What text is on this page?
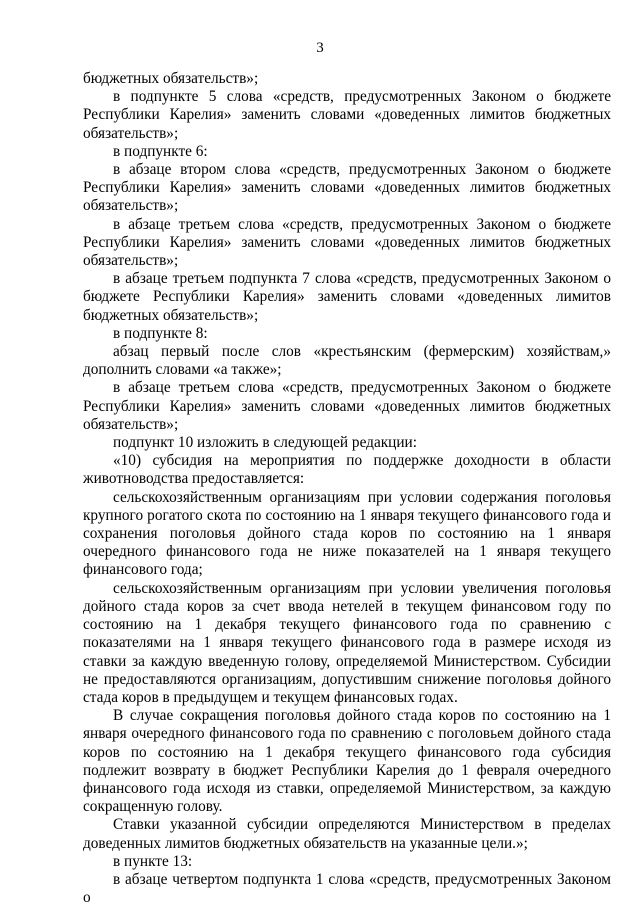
3

бюджетных обязательств»;

в подпункте 5 слова «средств, предусмотренных Законом о бюджете Республики Карелия» заменить словами «доведенных лимитов бюджетных обязательств»;

в подпункте 6:

в абзаце втором слова «средств, предусмотренных Законом о бюджете Республики Карелия» заменить словами «доведенных лимитов бюджетных обязательств»;

в абзаце третьем слова «средств, предусмотренных Законом о бюджете Республики Карелия» заменить словами «доведенных лимитов бюджетных обязательств»;

в абзаце третьем подпункта 7 слова «средств, предусмотренных Законом о бюджете Республики Карелия» заменить словами «доведенных лимитов бюджетных обязательств»;

в подпункте 8:

абзац первый после слов «крестьянским (фермерским) хозяйствам,» дополнить словами «а также»;

в абзаце третьем слова «средств, предусмотренных Законом о бюджете Республики Карелия» заменить словами «доведенных лимитов бюджетных обязательств»;

подпункт 10 изложить в следующей редакции:

«10) субсидия на мероприятия по поддержке доходности в области животноводства предоставляется:

сельскохозяйственным организациям при условии содержания поголовья крупного рогатого скота по состоянию на 1 января текущего финансового года и сохранения поголовья дойного стада коров по состоянию на 1 января очередного финансового года не ниже показателей на 1 января текущего финансового года;

сельскохозяйственным организациям при условии увеличения поголовья дойного стада коров за счет ввода нетелей в текущем финансовом году по состоянию на 1 декабря текущего финансового года по сравнению с показателями на 1 января текущего финансового года в размере исходя из ставки за каждую введенную голову, определяемой Министерством. Субсидии не предоставляются организациям, допустившим снижение поголовья дойного стада коров в предыдущем и текущем финансовых годах.

В случае сокращения поголовья дойного стада коров по состоянию на 1 января очередного финансового года по сравнению с поголовьем дойного стада коров по состоянию на 1 декабря текущего финансового года субсидия подлежит возврату в бюджет Республики Карелия до 1 февраля очередного финансового года исходя из ставки, определяемой Министерством, за каждую сокращенную голову.

Ставки указанной субсидии определяются Министерством в пределах доведенных лимитов бюджетных обязательств на указанные цели.»;

в пункте 13:

в абзаце четвертом подпункта 1 слова «средств, предусмотренных Законом о
